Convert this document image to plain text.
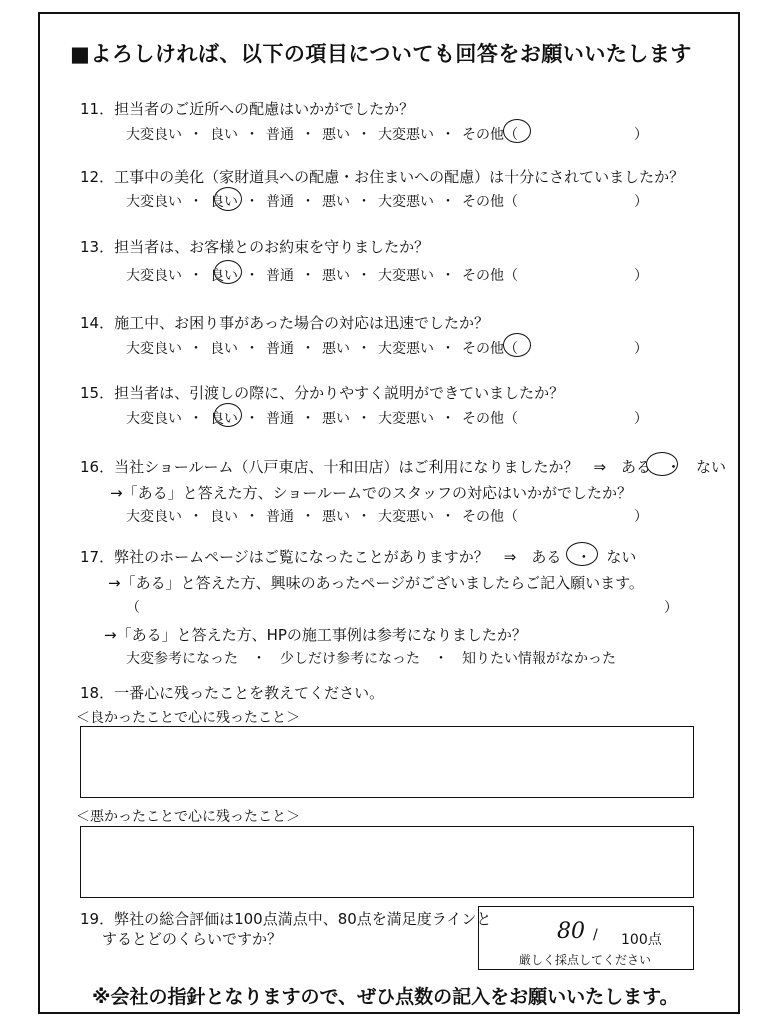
■よろしければ、以下の項目についても回答をお願いいたします
11．担当者のご近所への配慮はいかがでしたか？
大変良い ・ 良い ・ 普通 ・ 悪い ・ 大変悪い ・ その他（	）
12．工事中の美化（家財道具への配慮・お住まいへの配慮）は十分にされていましたか？
大変良い ・ 良い ・ 普通 ・ 悪い ・ 大変悪い ・ その他（	）
13．担当者は、お客様とのお約束を守りましたか？
大変良い ・ 良い ・ 普通 ・ 悪い ・ 大変悪い ・ その他（	）
14．施工中、お困り事があった場合の対応は迅速でしたか？
大変良い ・ 良い ・ 普通 ・ 悪い ・ 大変悪い ・ その他（	）
15．担当者は、引渡しの際に、分かりやすく説明ができていましたか？
大変良い ・ 良い ・ 普通 ・ 悪い ・ 大変悪い ・ その他（	）
16．当社ショールーム（八戸東店、十和田店）はご利用になりましたか？　⇒　ある　・　ない
→「ある」と答えた方、ショールームでのスタッフの対応はいかがでしたか？
大変良い ・ 良い ・ 普通 ・ 悪い ・ 大変悪い ・ その他（	）
17．弊社のホームページはご覧になったことがありますか？　⇒　ある　・　ない
→「ある」と答えた方、興味のあったページがございましたらご記入願います。
（	）
→「ある」と答えた方、HPの施工事例は参考になりましたか？
大変参考になった　・　少しだけ参考になった　・　知りたい情報がなかった
18．一番心に残ったことを教えてください。
＜良かったことで心に残ったこと＞
＜悪かったことで心に残ったこと＞
19．弊社の総合評価は100点満点中、80点を満足度ラインと
するとどのくらいですか？	80 / 100点
厳しく採点してください
※会社の指針となりますので、ぜひ点数の記入をお願いいたします。
